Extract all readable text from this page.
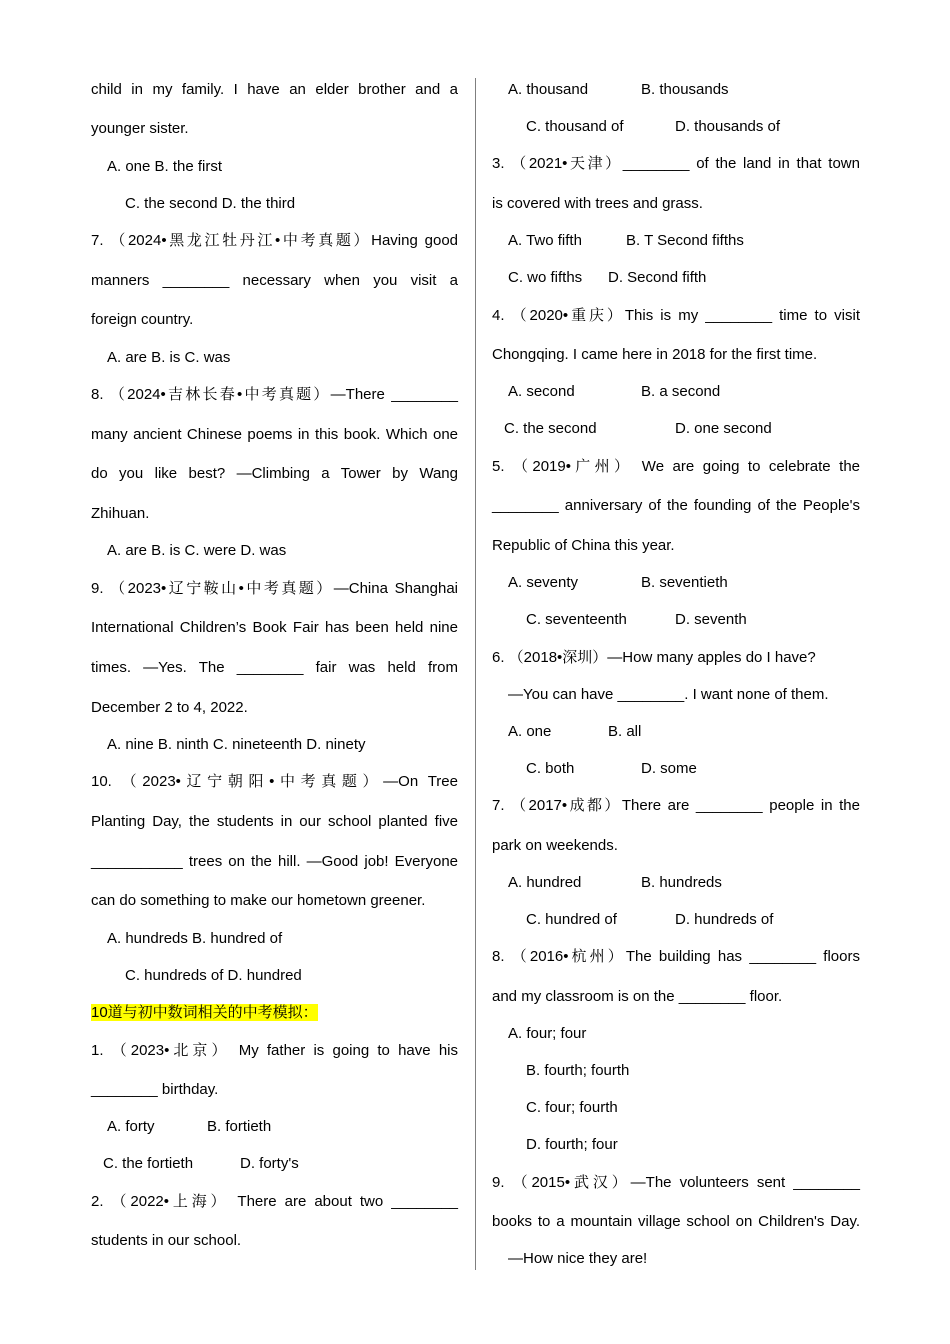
child in my family. I have an elder brother and a
younger sister.
A. one B. the first
C. the second D. the third
7. （2024•黑龙江牡丹江•中考真题）Having good
manners ________ necessary when you visit a
foreign country.
A. are B. is C. was
8. （2024•吉林长春•中考真题）—There ________
many ancient Chinese poems in this book. Which one
do you like best? —Climbing a Tower by Wang
Zhihuan.
A. are B. is C. were D. was
9. （2023•辽宁鞍山•中考真题）—China Shanghai
International Children’s Book Fair has been held nine
times. —Yes. The ________ fair was held from
December 2 to 4, 2022.
A. nine B. ninth C. nineteenth D. ninety
10. （2023•辽宁朝阳•中考真题）—On Tree
Planting Day, the students in our school planted five
___________ trees on the hill. —Good job! Everyone
can do something to make our hometown greener.
A. hundreds B. hundred of
C. hundreds of D. hundred
10道与初中数词相关的中考模拟：
1. （2023•北京） My father is going to have his
________ birthday.
A. forty	B. fortieth
C. the fortieth	D. forty's
2. （2022•上海） There are about two ________
students in our school.
A. thousand	B. thousands
C. thousand of	D. thousands of
3. （2021•天津）________ of the land in that town
is covered with trees and grass.
A. Two fifth	B. T Second fifths
C. wo fifths D. Second fifth
4. （2020•重庆）This is my ________ time to visit
Chongqing. I came here in 2018 for the first time.
A. second	B. a second
C. the second	D. one second
5. （2019•广州） We are going to celebrate the
________ anniversary of the founding of the People's
Republic of China this year.
A. seventy	B. seventieth
C. seventeenth	D. seventh
6. （2018•深圳）—How many apples do I have?
—You can have ________. I want none of them.
A. one	B. all
C. both	D. some
7. （2017•成都）There are ________ people in the
park on weekends.
A. hundred	B. hundreds
C. hundred of	D. hundreds of
8. （2016•杭州）The building has ________ floors
and my classroom is on the ________ floor.
A. four; four
B. fourth; fourth
C. four; fourth
D. fourth; four
9. （2015•武汉）—The volunteers sent ________
books to a mountain village school on Children's Day.
—How nice they are!
